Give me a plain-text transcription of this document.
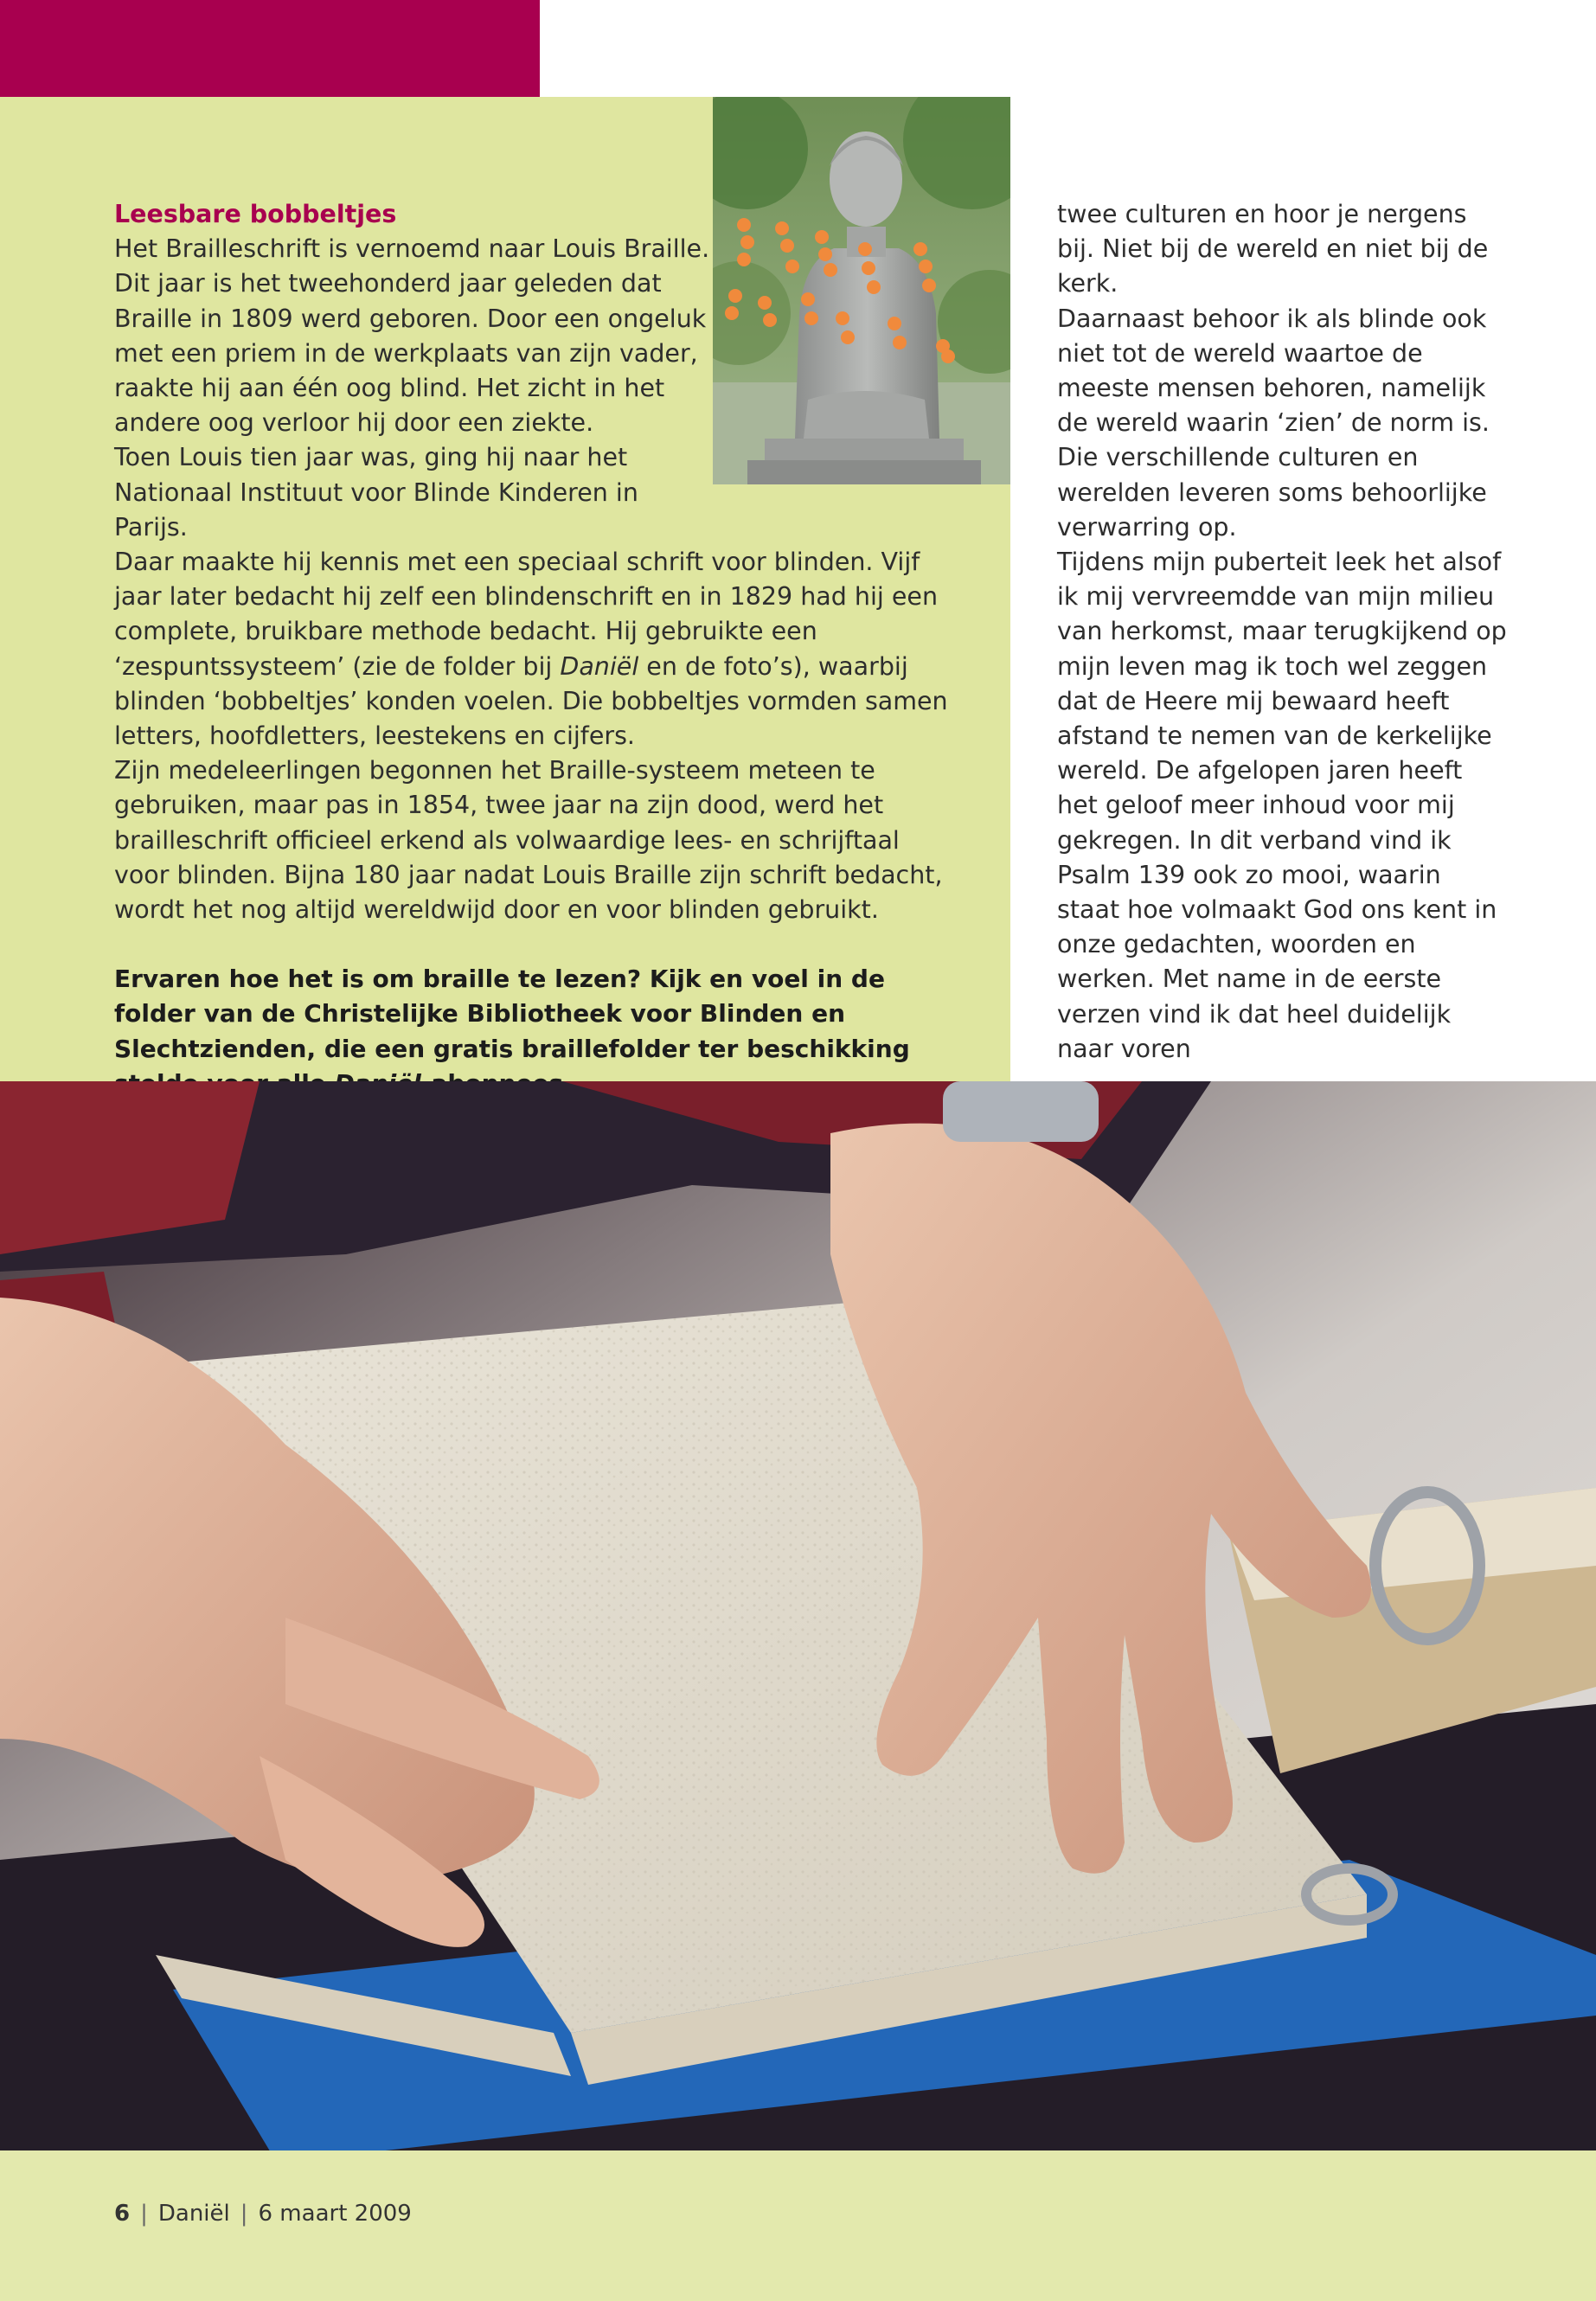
Leesbare bobbeltjes

Het Brailleschrift is vernoemd naar Louis Braille. Dit jaar is het tweehonderd jaar geleden dat Braille in 1809 werd geboren. Door een ongeluk met een priem in de werkplaats van zijn vader, raakte hij aan één oog blind. Het zicht in het andere oog verloor hij door een ziekte.

Toen Louis tien jaar was, ging hij naar het Nationaal Instituut voor Blinde Kinderen in Parijs.

Daar maakte hij kennis met een speciaal schrift voor blinden. Vijf jaar later bedacht hij zelf een blindenschrift en in 1829 had hij een complete, bruikbare methode bedacht. Hij gebruikte een ‘zespuntssysteem’ (zie de folder bij Daniël en de foto’s), waarbij blinden ‘bobbeltjes’ konden voelen. Die bobbeltjes vormden samen letters, hoofdletters, leestekens en cijfers.

Zijn medeleerlingen begonnen het Braille-systeem meteen te gebruiken, maar pas in 1854, twee jaar na zijn dood, werd het brailleschrift officieel erkend als volwaardige lees- en schrijftaal voor blinden. Bijna 180 jaar nadat Louis Braille zijn schrift bedacht, wordt het nog altijd wereldwijd door en voor blinden gebruikt.

Ervaren hoe het is om braille te lezen? Kijk en voel in de folder van de Christelijke Bibliotheek voor Blinden en Slechtzienden, die een gratis braillefolder ter beschikking

twee culturen en hoor je nergens bij. Niet bij de wereld en niet bij de kerk.

Daarnaast behoor ik als blinde ook niet tot de wereld waartoe de meeste mensen behoren, namelijk de wereld waarin ‘zien’ de norm is. Die verschillende culturen en werelden leveren soms behoorlijke verwarring op.

Tijdens mijn puberteit leek het alsof ik mij vervreemdde van mijn milieu van herkomst, maar terugkijkend op mijn leven mag ik toch wel zeggen dat de Heere mij bewaard heeft afstand te nemen van de kerkelijke wereld. De afgelopen jaren heeft het geloof meer inhoud voor mij gekregen. In dit verband vind ik Psalm 139 ook zo mooi, waarin staat hoe volmaakt God ons kent in onze gedachten, woorden en werken. Met name in de eerste verzen vind ik dat heel duidelijk naar voren

6 | Daniël | 6 maart 2009
